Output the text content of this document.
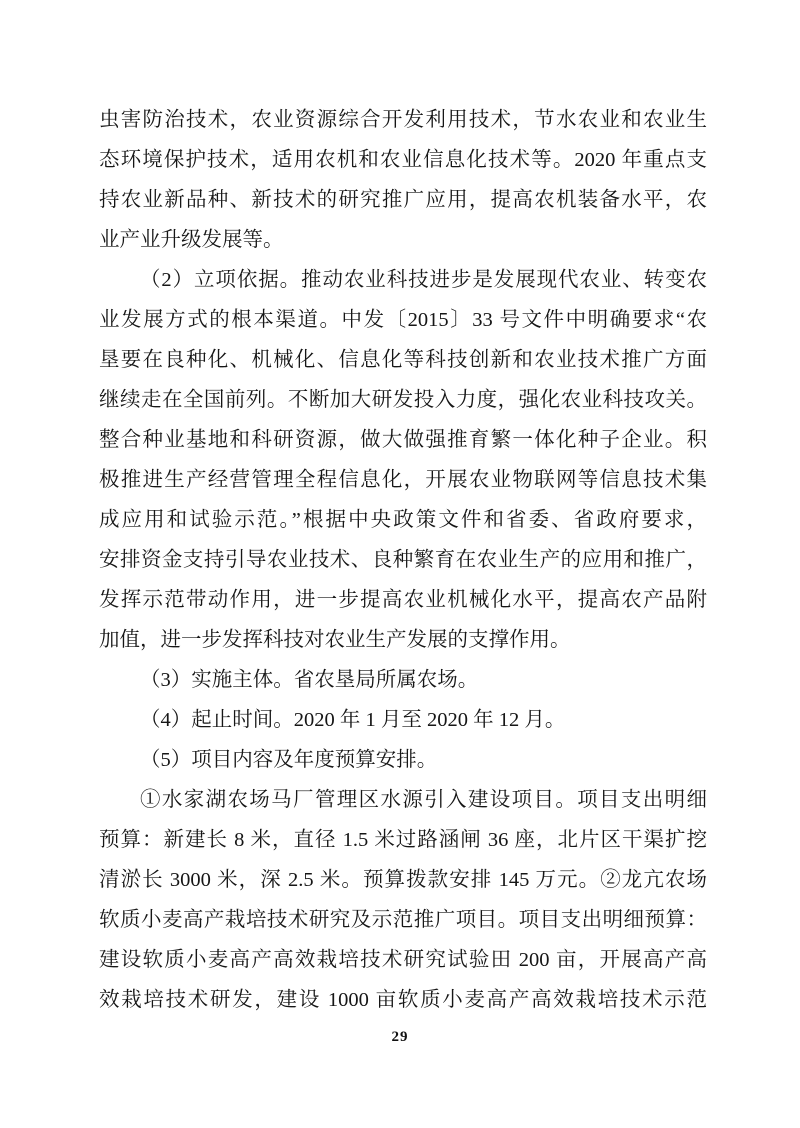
虫害防治技术，农业资源综合开发利用技术，节水农业和农业生
态环境保护技术，适用农机和农业信息化技术等。2020 年重点支
持农业新品种、新技术的研究推广应用，提高农机装备水平，农
业产业升级发展等。
（2）立项依据。推动农业科技进步是发展现代农业、转变农
业发展方式的根本渠道。中发〔2015〕33 号文件中明确要求“农
垦要在良种化、机械化、信息化等科技创新和农业技术推广方面
继续走在全国前列。不断加大研发投入力度，强化农业科技攻关。
整合种业基地和科研资源，做大做强推育繁一体化种子企业。积
极推进生产经营管理全程信息化，开展农业物联网等信息技术集
成应用和试验示范。”根据中央政策文件和省委、省政府要求，
安排资金支持引导农业技术、良种繁育在农业生产的应用和推广，
发挥示范带动作用，进一步提高农业机械化水平，提高农产品附
加值，进一步发挥科技对农业生产发展的支撑作用。
（3）实施主体。省农垦局所属农场。
（4）起止时间。2020 年 1 月至 2020 年 12 月。
（5）项目内容及年度预算安排。
①水家湖农场马厂管理区水源引入建设项目。项目支出明细
预算：新建长 8 米，直径 1.5 米过路涵闸 36 座，北片区干渠扩挖
清淤长 3000 米，深 2.5 米。预算拨款安排 145 万元。②龙亢农场
软质小麦高产栽培技术研究及示范推广项目。项目支出明细预算：
建设软质小麦高产高效栽培技术研究试验田 200 亩，开展高产高
效栽培技术研发，建设 1000 亩软质小麦高产高效栽培技术示范
29
